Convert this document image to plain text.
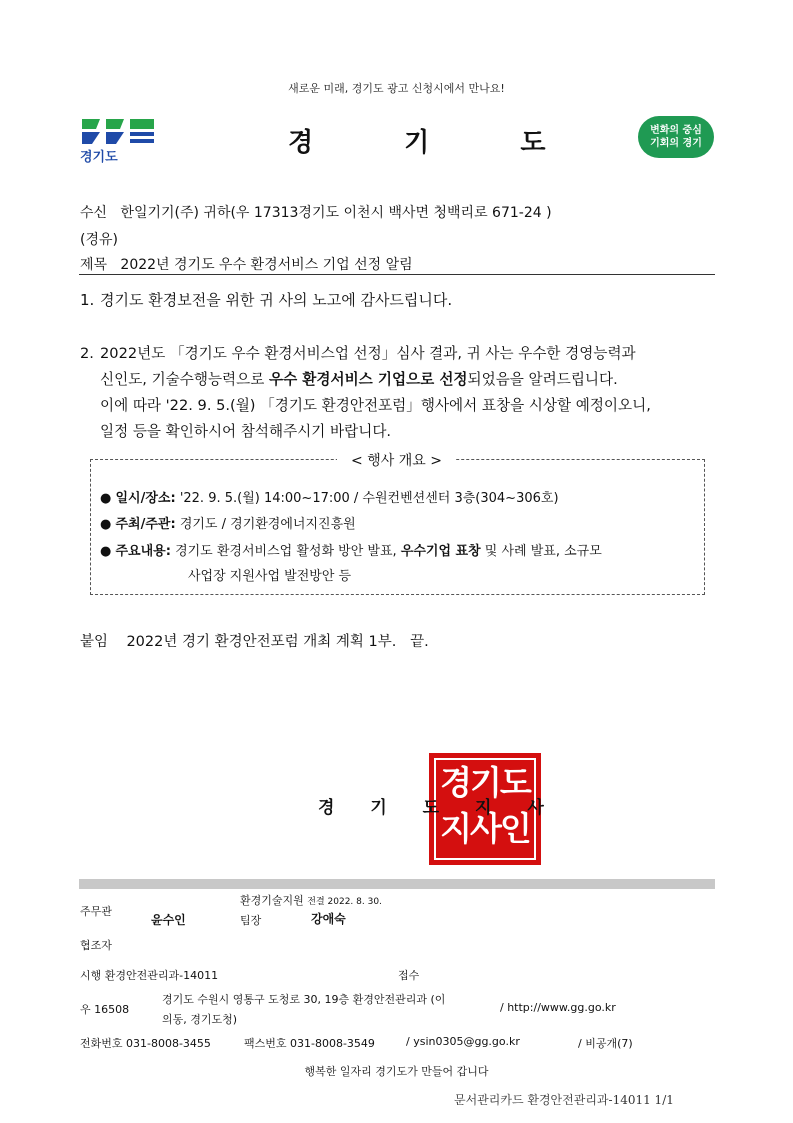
새로운 미래, 경기도 광고 신청시에서 만나요!
경기도	경 기 도	변화의 중심
기회의 경기
수신 한일기기(주) 귀하(우 17313경기도 이천시 백사면 청백리로 671-24 )
(경유)
제목 2022년 경기도 우수 환경서비스 기업 선정 알림
1. 경기도 환경보전을 위한 귀 사의 노고에 감사드립니다.
2. 2022년도 「경기도 우수 환경서비스업 선정」심사 결과, 귀 사는 우수한 경영능력과
신인도, 기술수행능력으로 우수 환경서비스 기업으로 선정되었음을 알려드립니다.
이에 따라 '22. 9. 5.(월) 「경기도 환경안전포럼」행사에서 표창을 시상할 예정이오니,
일정 등을 확인하시어 참석해주시기 바랍니다.
< 행사 개요 >
● 일시/장소: '22. 9. 5.(월) 14:00~17:00 / 수원컨벤션센터 3층(304~306호)
● 주최/주관: 경기도 / 경기환경에너지진흥원
● 주요내용: 경기도 환경서비스업 활성화 방안 발표, 우수기업 표창 및 사례 발표, 소규모
사업장 지원사업 발전방안 등
붙임 2022년 경기 환경안전포럼 개최 계획 1부. 끝.
경기도
지사인
경 기 도 지 사
주무관
윤수인
환경기술지원 전결 2022. 8. 30.
팀장	강애숙
협조자
시행 환경안전관리과-14011	접수
우 16508
경기도 수원시 영통구 도청로 30, 19층 환경안전관리과 (이
의동, 경기도청)
/ http://www.gg.go.kr
전화번호 031-8008-3455	팩스번호 031-8008-3549	/ ysin0305@gg.go.kr	/ 비공개(7)
행복한 일자리 경기도가 만들어 갑니다
문서관리카드 환경안전관리과-14011 1/1
